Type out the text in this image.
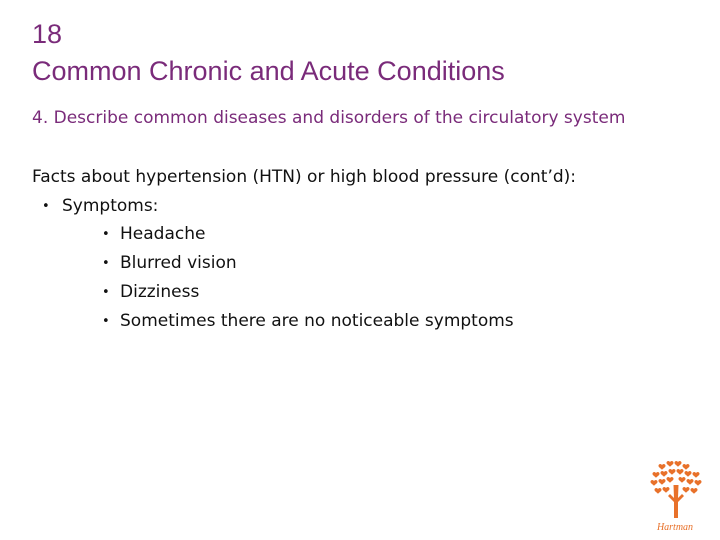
18
Common Chronic and Acute Conditions
4. Describe common diseases and disorders of the circulatory system
Facts about hypertension (HTN) or high blood pressure (cont’d):
• Symptoms:
• Headache
• Blurred vision
• Dizziness
• Sometimes there are no noticeable symptoms
Hartman
